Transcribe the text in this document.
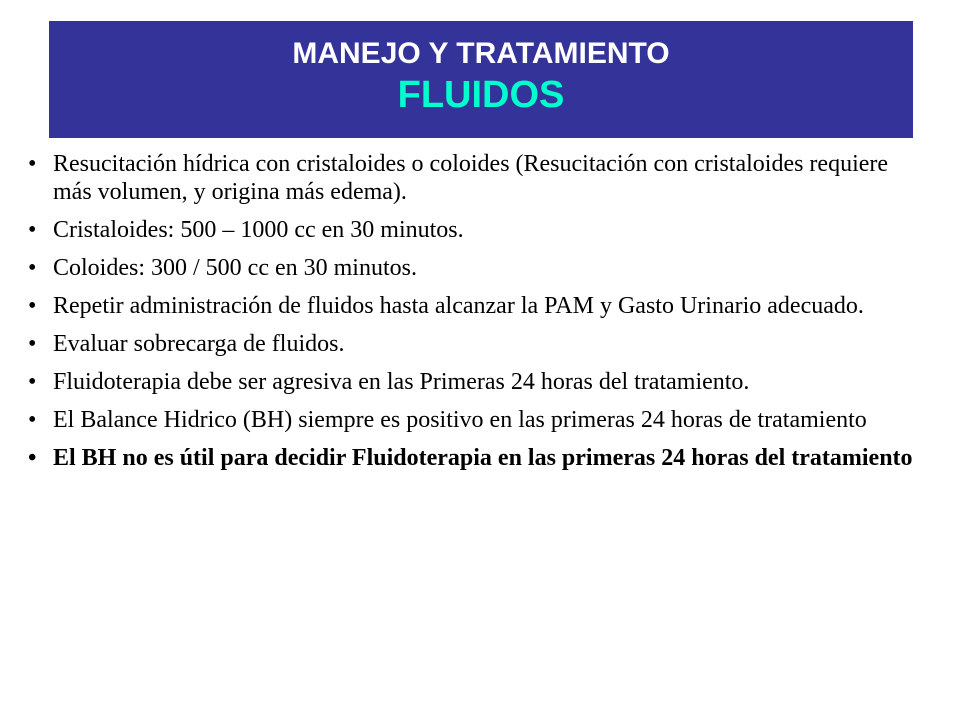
MANEJO Y TRATAMIENTO
FLUIDOS
• Resucitación hídrica con cristaloides o coloides (Resucitación con cristaloides requiere más volumen, y origina más edema).
• Cristaloides: 500 – 1000 cc en 30 minutos.
• Coloides: 300 / 500 cc en 30 minutos.
• Repetir administración de fluidos hasta alcanzar la PAM y Gasto Urinario adecuado.
• Evaluar sobrecarga de fluidos.
• Fluidoterapia debe ser agresiva en las Primeras 24 horas del tratamiento.
• El Balance Hidrico (BH) siempre es positivo en las primeras 24 horas de tratamiento
• El BH no es útil para decidir Fluidoterapia en las primeras 24 horas del tratamiento
